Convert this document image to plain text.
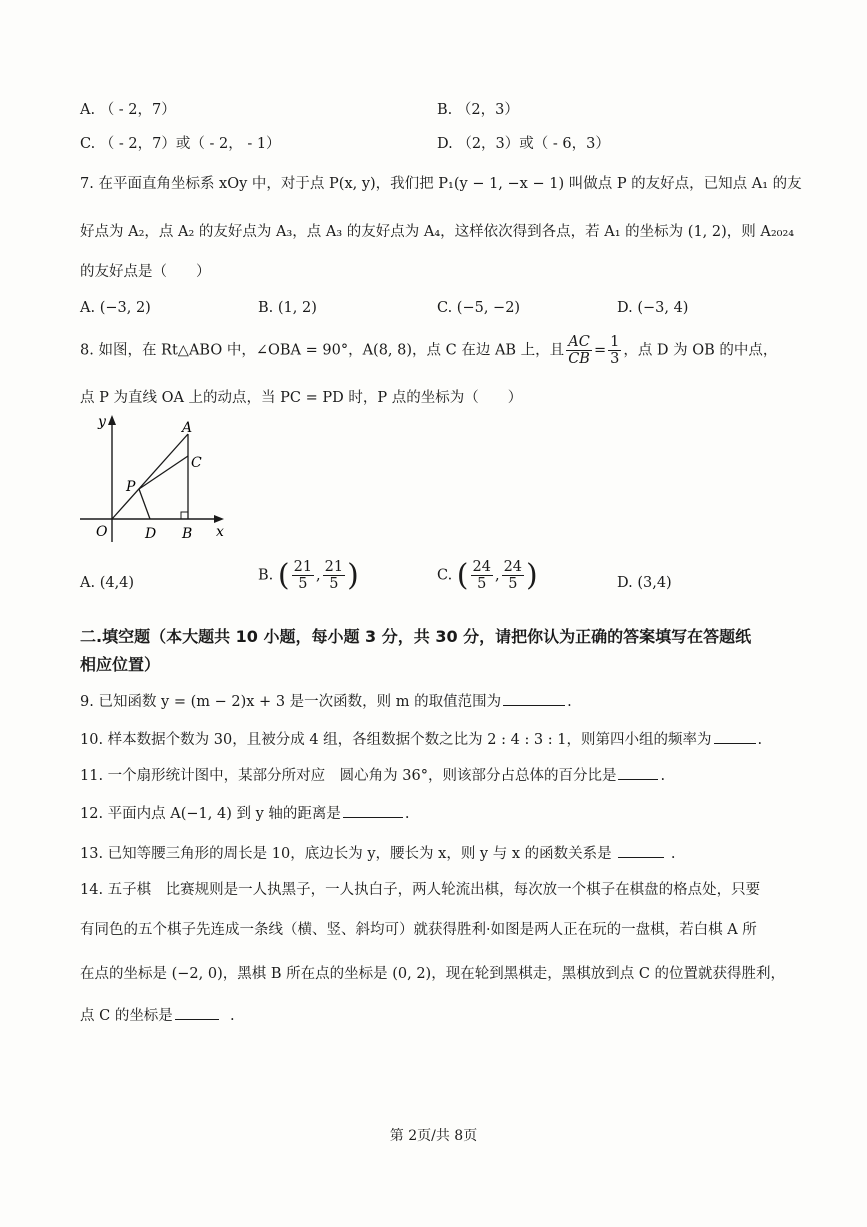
A. （ - 2，7）	B. （2，3）
C. （ - 2，7）或（ - 2， - 1）	D. （2，3）或（ - 6，3）
7. 在平面直角坐标系 xOy 中，对于点 P(x, y)，我们把 P₁(y − 1, −x − 1) 叫做点 P 的友好点，已知点 A₁ 的友
好点为 A₂，点 A₂ 的友好点为 A₃，点 A₃ 的友好点为 A₄，这样依次得到各点，若 A₁ 的坐标为 (1, 2)，则 A₂₀₂₄
的友好点是（　　）
A. (−3, 2)	B. (1, 2)	C. (−5, −2)	D. (−3, 4)
8. 如图，在 Rt△ABO 中，∠OBA = 90°，A(8, 8)，点 C 在边 AB 上，且 $\frac{AC}{CB} = \frac{1}{3}$ ，点 D 为 OB 的中点，
点 P 为直线 OA 上的动点，当 PC = PD 时，P 点的坐标为（　　）
y
x
O
A
B
C
D
P
A. (4,4)	B. ( $\frac{21}{5}$ , $\frac{21}{5}$ )	C. ( $\frac{24}{5}$ , $\frac{24}{5}$ )	D. (3,4)
二.填空题（本大题共 10 小题，每小题 3 分，共 30 分，请把你认为正确的答案填写在答题纸
相应位置）
9. 已知函数 y = (m − 2)x + 3 是一次函数，则 m 的取值范围为	.
10. 样本数据个数为 30，且被分成 4 组，各组数据个数之比为 2 : 4 : 3 : 1，则第四小组的频率为	.
11. 一个扇形统计图中，某部分所对应　圆心角为 36°，则该部分占总体的百分比是	.
12. 平面内点 A(−1, 4) 到 y 轴的距离是	.
13. 已知等腰三角形的周长是 10，底边长为 y，腰长为 x，则 y 与 x 的函数关系是	.
14. 五子棋　比赛规则是一人执黑子，一人执白子，两人轮流出棋，每次放一个棋子在棋盘的格点处，只要
有同色的五个棋子先连成一条线（横、竖、斜均可）就获得胜利·如图是两人正在玩的一盘棋，若白棋 A 所
在点的坐标是 (−2, 0)，黑棋 B 所在点的坐标是 (0, 2)，现在轮到黑棋走，黑棋放到点 C 的位置就获得胜利，
点 C 的坐标是	.
第 2页/共 8页
